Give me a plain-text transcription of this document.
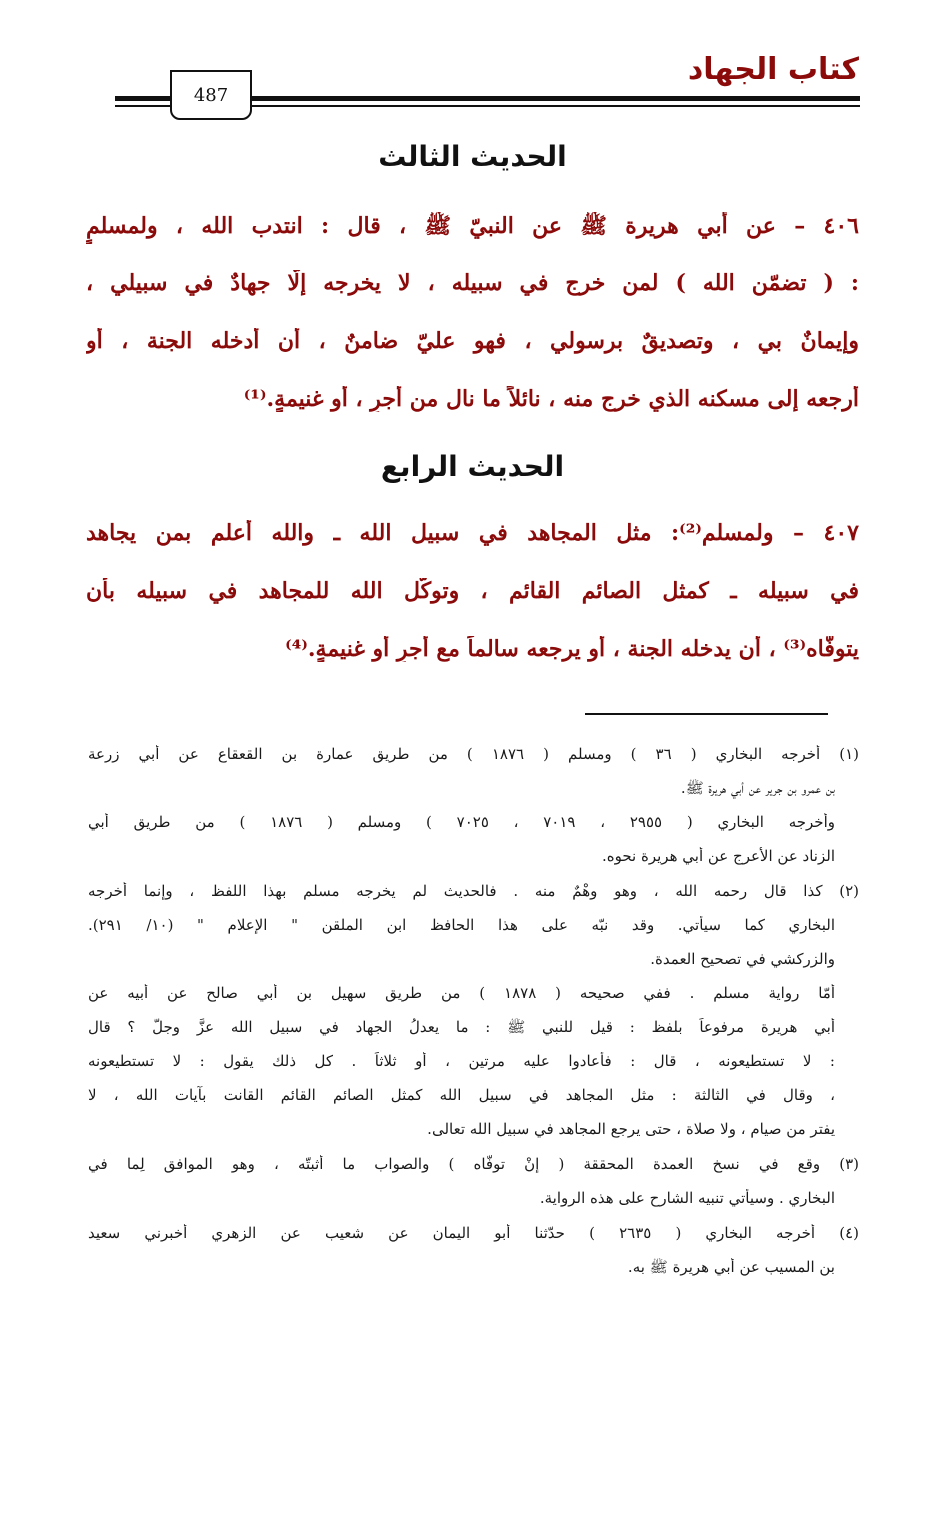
كتاب الجهاد
487
الحديث الثالث
٤٠٦ – عن أبي هريرة ﷺ عن النبيّ ﷺ ، قال : انتدب الله ، ولمسلمٍ
: ( تضمّن الله ) لمن خرج في سبيله ، لا يخرجه إلّا جهادٌ في سبيلي ،
وإيمانٌ بي ، وتصديقٌ برسولي ، فهو عليّ ضامنٌ ، أن أُدخله الجنة ، أو
أُرجعه إلى مسكنه الذي خرج منه ، نائلاً ما نال من أجرٍ ، أو غنيمةٍ.⁽¹⁾
الحديث الرابع
٤٠٧ – ولمسلمٍ⁽²⁾: مثل المجاهد في سبيل الله ـ والله أعلم بمن يجاهد
في سبيله ـ كمثل الصائم القائم ، وتوكّل الله للمجاهد في سبيله بأن
يتوفّاه⁽³⁾ ، أن يدخله الجنة ، أو يرجعه سالماً مع أجرٍ أو غنيمةٍ.⁽⁴⁾
(١) أخرجه البخاري ( ٣٦ ) ومسلم ( ١٨٧٦ ) من طريق عمارة بن القعقاع عن أبي زرعة
بن عمرو بن جرير عن أبي هريرة ﷺ.
وأخرجه البخاري ( ٢٩٥٥ ، ٧٠١٩ ، ٧٠٢٥ ) ومسلم ( ١٨٧٦ ) من طريق أبي
الزناد عن الأعرج عن أبي هريرة نحوه.
(٢) كذا قال رحمه الله ، وهو وهْمٌ منه . فالحديث لم يخرجه مسلم بهذا اللفظ ، وإنما أخرجه
البخاري كما سيأتي. وقد نبّه على هذا الحافظ ابن الملقن " الإعلام " (١٠/ ٢٩١).
والزركشي في تصحيح العمدة.
أمّا رواية مسلم . ففي صحيحه ( ١٨٧٨ ) من طريق سهيل بن أبي صالح عن أبيه عن
أبي هريرة مرفوعاً بلفظ : قيل للنبي ﷺ : ما يعدلُ الجهاد في سبيل الله عزَّ وجلَّ ؟ قال
: لا تستطيعونه ، قال : فأعادوا عليه مرتين ، أو ثلاثاً . كل ذلك يقول : لا تستطيعونه
، وقال في الثالثة : مثل المجاهد في سبيل الله كمثل الصائم القائم القانت بآيات الله ، لا
يفتر من صيام ، ولا صلاة ، حتى يرجع المجاهد في سبيل الله تعالى.
(٣) وقع في نسخ العمدة المحققة ( إنْ توفّاه ) والصواب ما أثبتّه ، وهو الموافق لِما في
البخاري . وسيأتي تنبيه الشارح على هذه الرواية.
(٤) أخرجه البخاري ( ٢٦٣٥ ) حدّثنا أبو اليمان عن شعيب عن الزهري أخبرني سعيد
بن المسيب عن أبي هريرة ﷺ به.
